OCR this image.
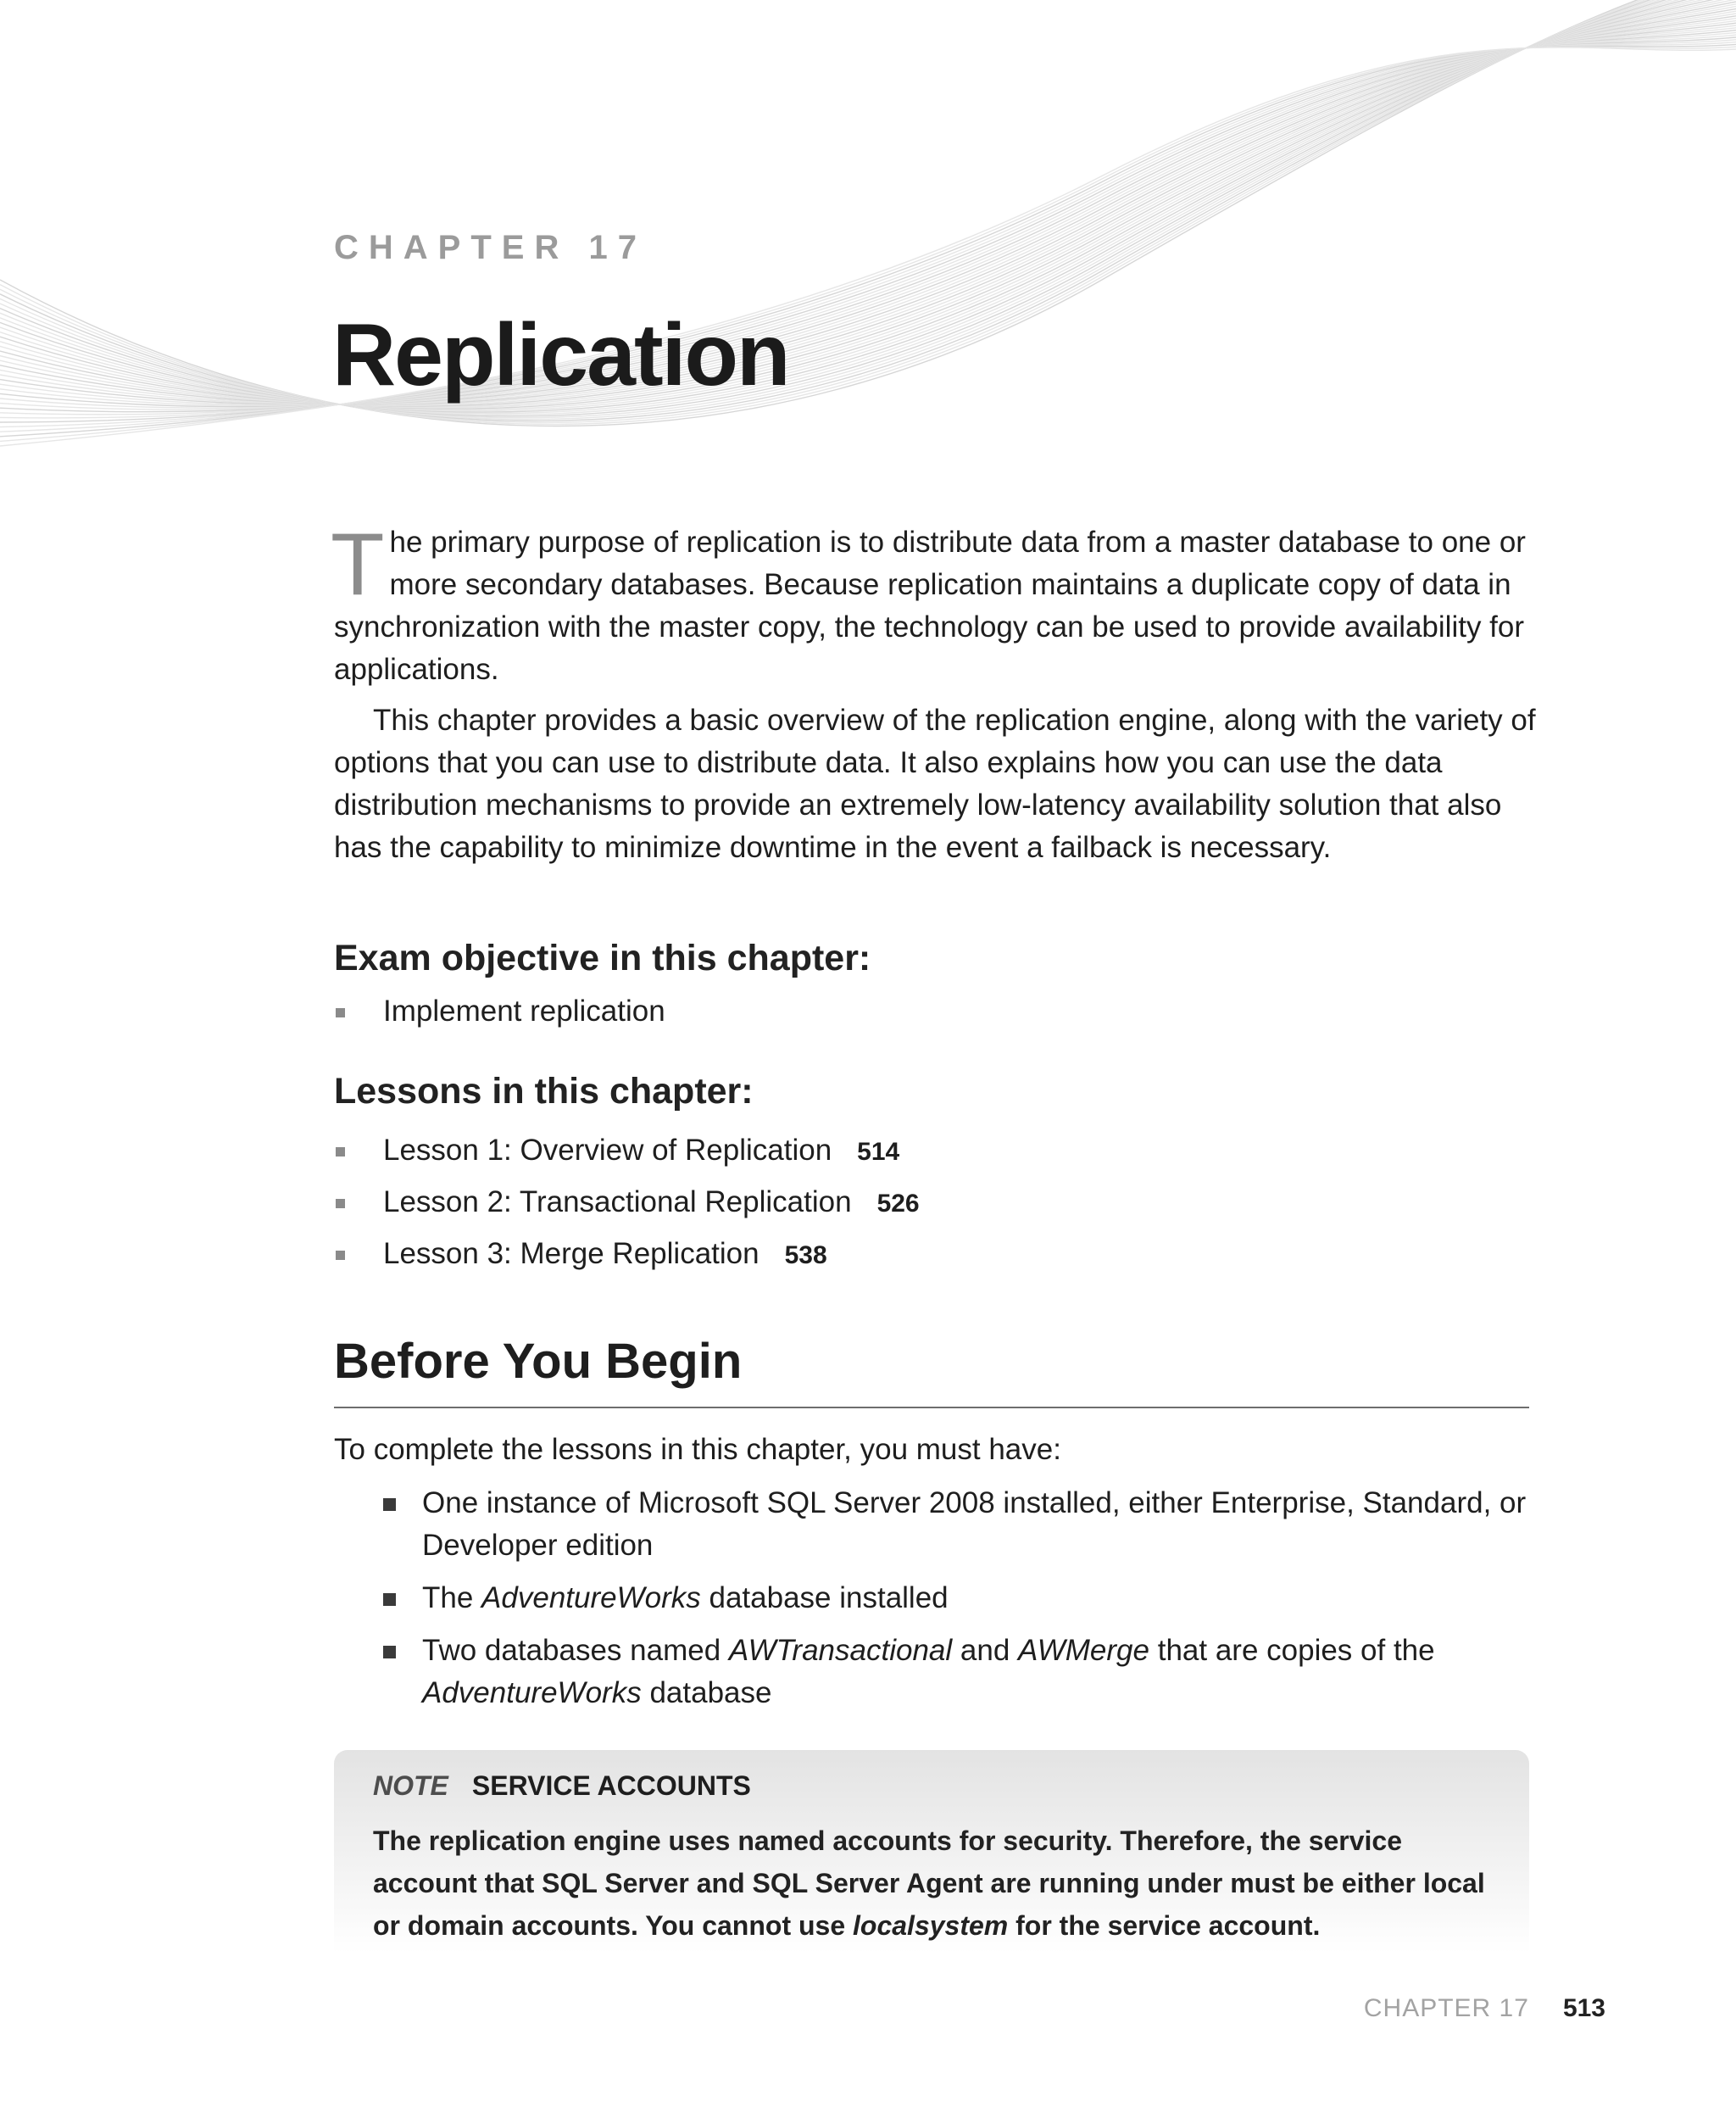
CHAPTER 17
Replication

The primary purpose of replication is to distribute data from a master database to one or more secondary databases. Because replication maintains a duplicate copy of data in synchronization with the master copy, the technology can be used to provide availability for applications.

This chapter provides a basic overview of the replication engine, along with the variety of options that you can use to distribute data. It also explains how you can use the data distribution mechanisms to provide an extremely low-latency availability solution that also has the capability to minimize downtime in the event a failback is necessary.

Exam objective in this chapter:
Implement replication
Lessons in this chapter:
Lesson 1: Overview of Replication 514
Lesson 2: Transactional Replication 526
Lesson 3: Merge Replication 538
Before You Begin
To complete the lessons in this chapter, you must have:
One instance of Microsoft SQL Server 2008 installed, either Enterprise, Standard, or Developer edition
The AdventureWorks database installed
Two databases named AWTransactional and AWMerge that are copies of the AdventureWorks database
NOTE SERVICE ACCOUNTS
The replication engine uses named accounts for security. Therefore, the service account that SQL Server and SQL Server Agent are running under must be either local or domain accounts. You cannot use localsystem for the service account.
CHAPTER 17 513
